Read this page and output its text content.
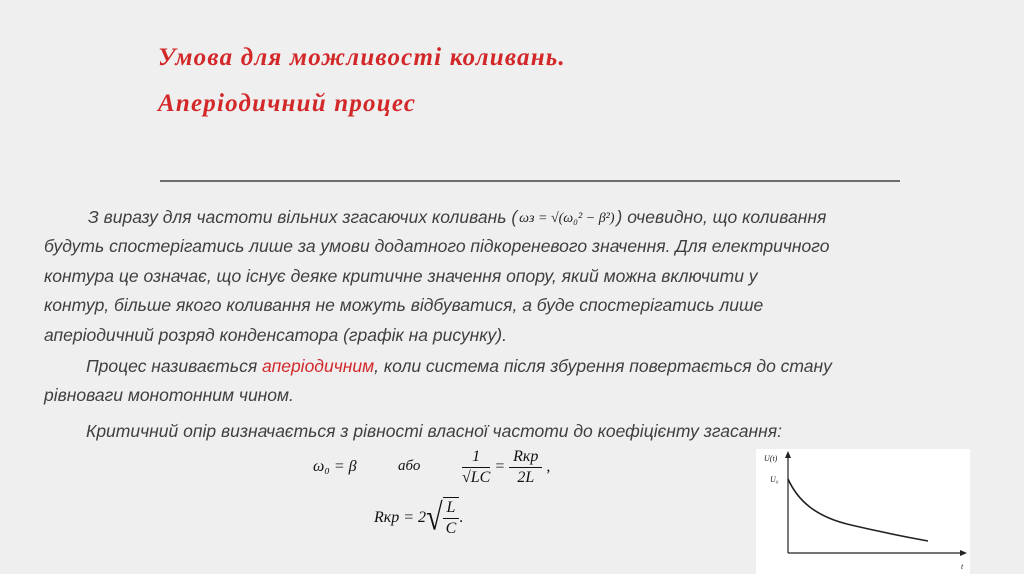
Умова для можливості коливань.
Аперіодичний процес
З виразу для частоти вільних згасаючих коливань ( ωз = √(ω₀² − β²) ) очевидно, що коливання
будуть спостерігатись лише за умови додатного підкореневого значення. Для електричного
контура це означає, що існує деяке критичне значення опору, який можна включити у
контур, більше якого коливання не можуть відбуватися, а буде спостерігатись лише
аперіодичний розряд конденсатора (графік на рисунку).
Процес називається аперіодичним, коли система після збурення повертається до стану
рівноваги монотонним чином.
Критичний опір визначається з рівності власної частоти до коефіцієнту згасання:
ω₀ = β	або	$\frac{1}{√LC} = \frac{\text{Rкр}}{2L}$ ,
Rкр = $2√ \frac{L}{C}$ .
U(t)
U₀
t
